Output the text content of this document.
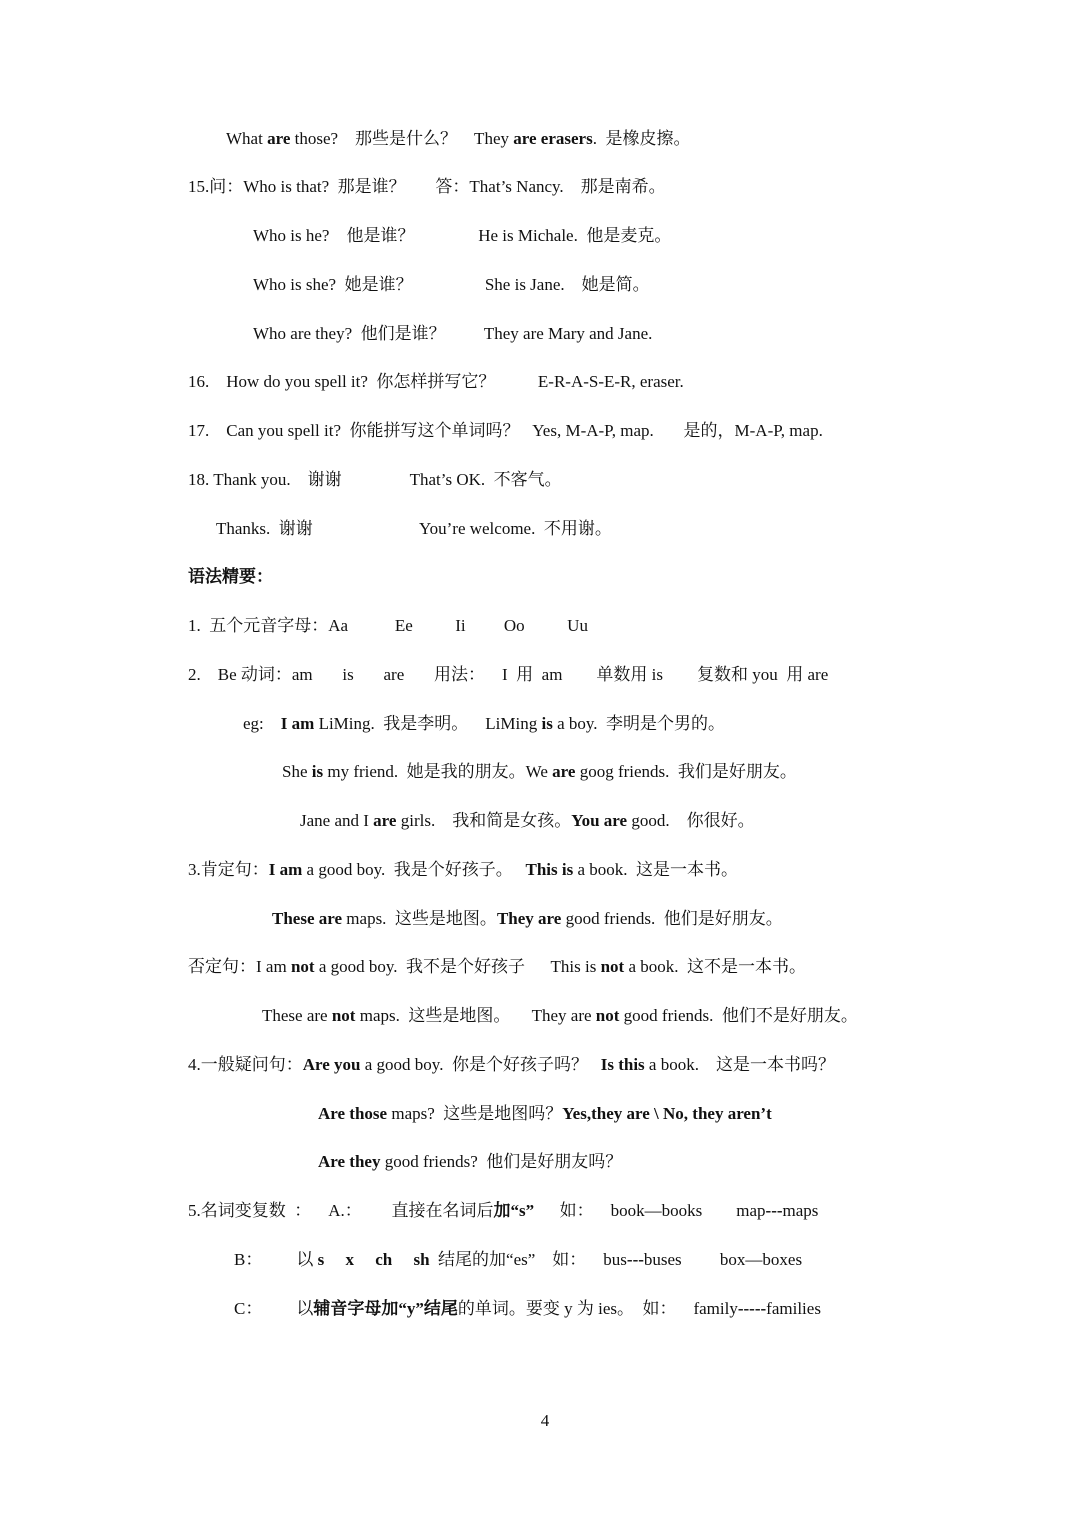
What are those?    那些是什么？    They are erasers.  是橡皮擦。
15.问：Who is that?  那是谁？       答：That’s Nancy.    那是南希。
Who is he?    他是谁？               He is Michale.  他是麦克。
Who is she?  她是谁？                 She is Jane.    她是简。
Who are they?  他们是谁？         They are Mary and Jane.
16.    How do you spell it?  你怎样拼写它？          E-R-A-S-E-R, eraser.
17.    Can you spell it?  你能拼写这个单词吗？   Yes, M-A-P, map.       是的，M-A-P, map.
18. Thank you.    谢谢                That’s OK.  不客气。
Thanks.  谢谢                         You’re welcome.  不用谢。
语法精要：
1.  五个元音字母：Aa           Ee          Ii         Oo          Uu
2.    Be 动词：am       is       are       用法：    I  用  am        单数用 is        复数和 you  用 are
eg:    I am LiMing.  我是李明。    LiMing is a boy.  李明是个男的。
She is my friend.  她是我的朋友。We are goog friends.  我们是好朋友。
Jane and I are girls.    我和简是女孩。You are good.    你很好。
3.肯定句：I am a good boy.  我是个好孩子。   This is a book.  这是一本书。
These are maps.  这些是地图。They are good friends.  他们是好朋友。
否定句：I am not a good boy.  我不是个好孩子      This is not a book.  这不是一本书。
These are not maps.  这些是地图。     They are not good friends.  他们不是好朋友。
4.一般疑问句：Are you a good boy.  你是个好孩子吗？   Is this a book.    这是一本书吗？
Are those maps?  这些是地图吗？Yes,they are \ No, they aren’t
Are they good friends?  他们是好朋友吗？
5.名词变复数  ：    A.：       直接在名词后加“s”      如：    book—books        map---maps
B：        以 s     x     ch     sh  结尾的加“es”    如：    bus---buses         box—boxes
C：        以辅音字母加“y”结尾的单词。要变 y 为 ies。  如：    family-----families
4
